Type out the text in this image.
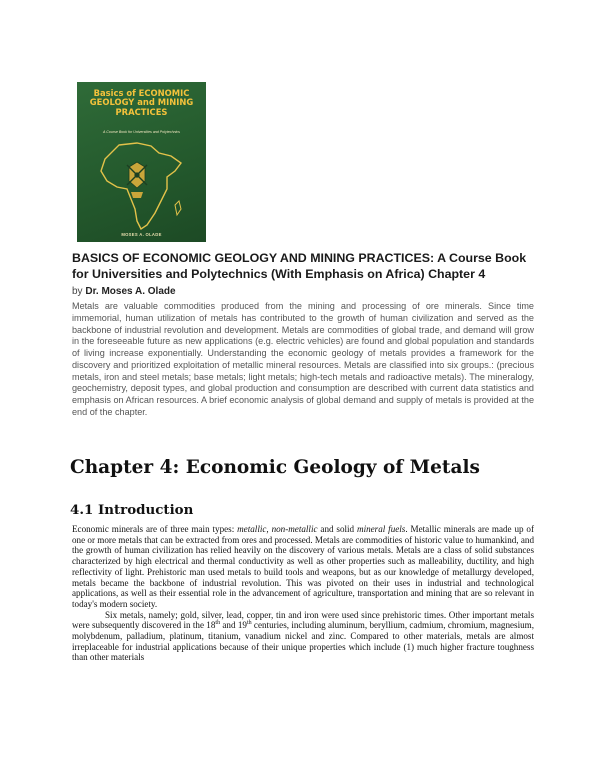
Basics of ECONOMIC GEOLOGY and MINING PRACTICES
A Course Book for Universities and Polytechnics
MOSES A. OLADE
BASICS OF ECONOMIC GEOLOGY AND MINING PRACTICES: A Course Book for Universities and Polytechnics (With Emphasis on Africa) Chapter 4
by Dr. Moses A. Olade

Metals are valuable commodities produced from the mining and processing of ore minerals. Since time immemorial, human utilization of metals has contributed to the growth of human civilization and served as the backbone of industrial revolution and development. Metals are commodities of global trade, and demand will grow in the foreseeable future as new applications (e.g. electric vehicles) are found and global population and standards of living increase exponentially. Understanding the economic geology of metals provides a framework for the discovery and prioritized exploitation of metallic mineral resources. Metals are classified into six groups.: (precious metals, iron and steel metals; base metals; light metals; high-tech metals and radioactive metals). The mineralogy, geochemistry, deposit types, and global production and consumption are described with current data statistics and emphasis on African resources. A brief economic analysis of global demand and supply of metals is provided at the end of the chapter.

Chapter 4: Economic Geology of Metals
4.1 Introduction

Economic minerals are of three main types: metallic, non-metallic and solid mineral fuels. Metallic minerals are made up of one or more metals that can be extracted from ores and processed. Metals are commodities of historic value to humankind, and the growth of human civilization has relied heavily on the discovery of various metals. Metals are a class of solid substances characterized by high electrical and thermal conductivity as well as other properties such as malleability, ductility, and high reflectivity of light. Prehistoric man used metals to build tools and weapons, but as our knowledge of metallurgy developed, metals became the backbone of industrial revolution. This was pivoted on their uses in industrial and technological applications, as well as their essential role in the advancement of agriculture, transportation and mining that are so relevant in today's modern society.

Six metals, namely; gold, silver, lead, copper, tin and iron were used since prehistoric times. Other important metals were subsequently discovered in the 18th and 19th centuries, including aluminum, beryllium, cadmium, chromium, magnesium, molybdenum, palladium, platinum, titanium, vanadium nickel and zinc. Compared to other materials, metals are almost irreplaceable for industrial applications because of their unique properties which include (1) much higher fracture toughness than other materials
